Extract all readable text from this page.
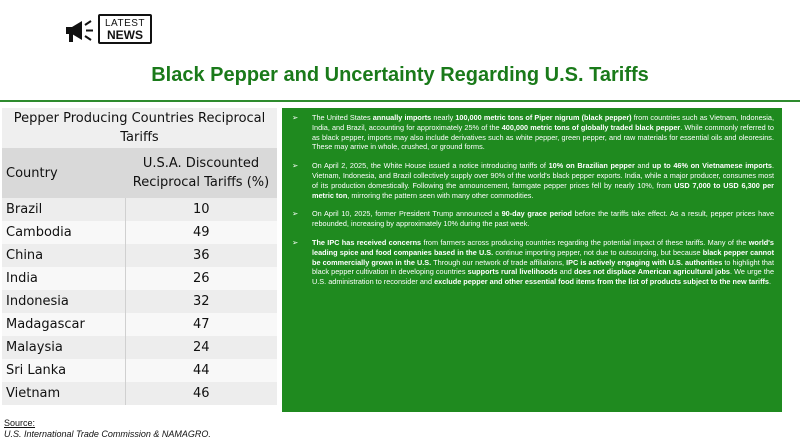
LATEST
NEWS
Black Pepper and Uncertainty Regarding U.S. Tariffs
Pepper Producing Countries Reciprocal Tariffs	
Country	U.S.A. Discounted Reciprocal Tariffs (%)
Brazil	10
Cambodia	49
China	36
India	26
Indonesia	32
Madagascar	47
Malaysia	24
Sri Lanka	44
Vietnam	46
➢ The United States annually imports nearly 100,000 metric tons of Piper nigrum (black pepper) from countries such as Vietnam, Indonesia, India, and Brazil, accounting for approximately 25% of the 400,000 metric tons of globally traded black pepper. While commonly referred to as black pepper, imports may also include derivatives such as white pepper, green pepper, and raw materials for essential oils and oleoresins. These may arrive in whole, crushed, or ground forms.
➢ On April 2, 2025, the White House issued a notice introducing tariffs of 10% on Brazilian pepper and up to 46% on Vietnamese imports. Vietnam, Indonesia, and Brazil collectively supply over 90% of the world's black pepper exports. India, while a major producer, consumes most of its production domestically. Following the announcement, farmgate pepper prices fell by nearly 10%, from USD 7,000 to USD 6,300 per metric ton, mirroring the pattern seen with many other commodities.
➢ On April 10, 2025, former President Trump announced a 90-day grace period before the tariffs take effect. As a result, pepper prices have rebounded, increasing by approximately 10% during the past week.
➢ The IPC has received concerns from farmers across producing countries regarding the potential impact of these tariffs. Many of the world's leading spice and food companies based in the U.S. continue importing pepper, not due to outsourcing, but because black pepper cannot be commercially grown in the U.S. Through our network of trade affiliations, IPC is actively engaging with U.S. authorities to highlight that black pepper cultivation in developing countries supports rural livelihoods and does not displace American agricultural jobs. We urge the U.S. administration to reconsider and exclude pepper and other essential food items from the list of products subject to the new tariffs.
Source:
U.S. International Trade Commission & NAMAGRO.
